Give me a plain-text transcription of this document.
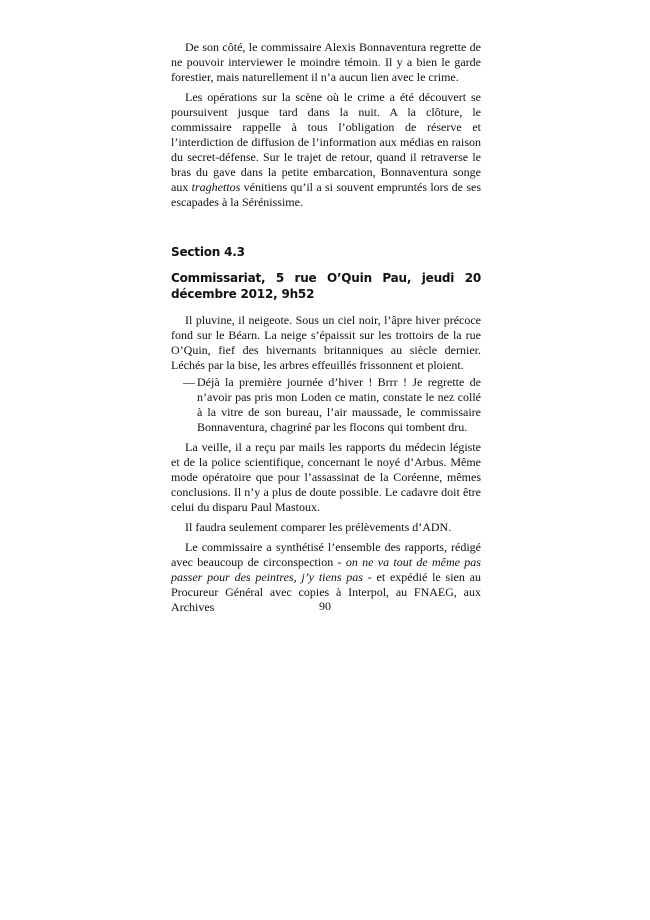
De son côté, le commissaire Alexis Bonnaventura regrette de ne pouvoir interviewer le moindre témoin. Il y a bien le garde forestier, mais naturellement il n’a aucun lien avec le crime.

Les opérations sur la scène où le crime a été découvert se poursuivent jusque tard dans la nuit. A la clôture, le commissaire rappelle à tous l’obligation de réserve et l’interdiction de diffusion de l’information aux médias en raison du secret-défense. Sur le trajet de retour, quand il retraverse le bras du gave dans la petite embarcation, Bonnaventura songe aux traghettos vénitiens qu’il a si souvent empruntés lors de ses escapades à la Sérénissime.

Section 4.3
Commissariat, 5 rue O’Quin Pau, jeudi 20 décembre 2012, 9h52

Il pluvine, il neigeote. Sous un ciel noir, l’âpre hiver précoce fond sur le Béarn. La neige s’épaissit sur les trottoirs de la rue O’Quin, fief des hivernants britanniques au siècle dernier. Léchés par la bise, les arbres effeuillés frissonnent et ploient.

— Déjà la première journée d’hiver ! Brrr ! Je regrette de n’avoir pas pris mon Loden ce matin, constate le nez collé à la vitre de son bureau, l’air maussade, le commissaire Bonnaventura, chagriné par les flocons qui tombent dru.

La veille, il a reçu par mails les rapports du médecin légiste et de la police scientifique, concernant le noyé d’Arbus. Même mode opératoire que pour l’assassinat de la Coréenne, mêmes conclusions. Il n’y a plus de doute possible. Le cadavre doit être celui du disparu Paul Mastoux.

Il faudra seulement comparer les prélèvements d’ADN.

Le commissaire a synthétisé l’ensemble des rapports, rédigé avec beaucoup de circonspection - on ne va tout de même pas passer pour des peintres, j’y tiens pas - et expédié le sien au Procureur Général avec copies à Interpol, au FNAEG, aux Archives	90
